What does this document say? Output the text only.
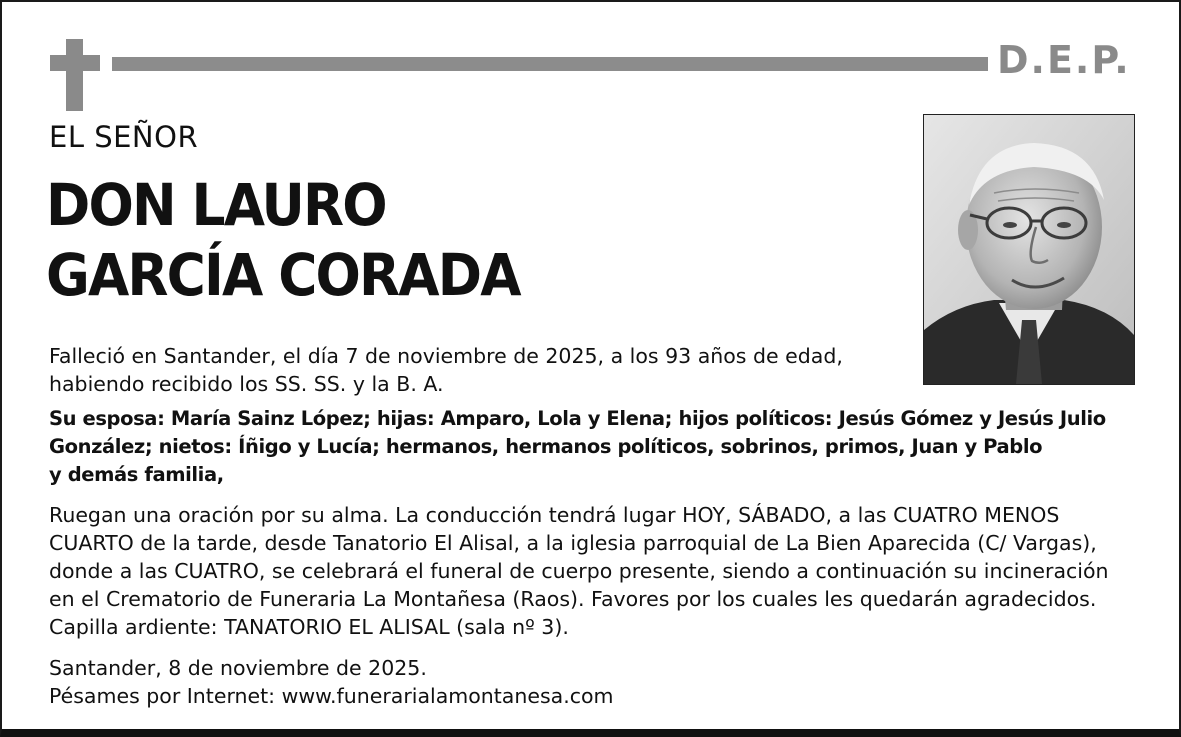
D.E.P.
EL SEÑOR
DON LAURO
GARCÍA CORADA
Falleció en Santander, el día 7 de noviembre de 2025, a los 93 años de edad,
habiendo recibido los SS. SS. y la B. A.
Su esposa: María Sainz López; hijas: Amparo, Lola y Elena; hijos políticos: Jesús Gómez y Jesús Julio
González; nietos: Íñigo y Lucía; hermanos, hermanos políticos, sobrinos, primos, Juan y Pablo
y demás familia,
Ruegan una oración por su alma. La conducción tendrá lugar HOY, SÁBADO, a las CUATRO MENOS
CUARTO de la tarde, desde Tanatorio El Alisal, a la iglesia parroquial de La Bien Aparecida (C/ Vargas),
donde a las CUATRO, se celebrará el funeral de cuerpo presente, siendo a continuación su incineración
en el Crematorio de Funeraria La Montañesa (Raos). Favores por los cuales les quedarán agradecidos.
Capilla ardiente: TANATORIO EL ALISAL (sala nº 3).
Santander, 8 de noviembre de 2025.
Pésames por Internet: www.funerarialamontanesa.com
